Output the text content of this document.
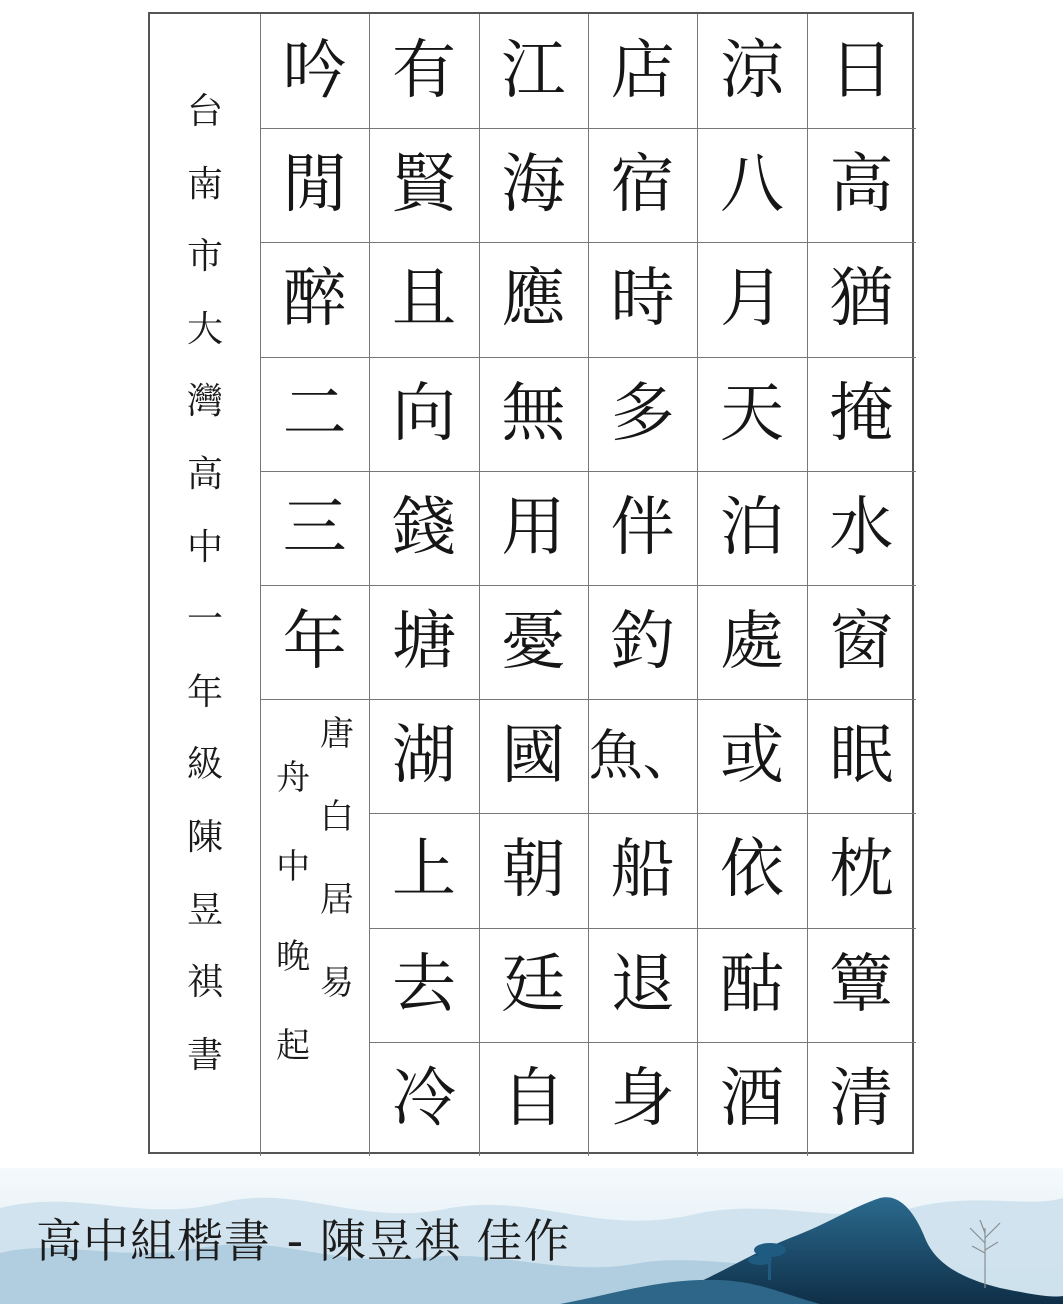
日
高
猶
掩
水
窗
眠
枕
簟
清
涼
八
月
天
泊
處
或
依
酤
酒
店
宿
時
多
伴
釣
魚、
船
退
身
江
海
應
無
用
憂
國
朝
廷
自
有
賢
且
向
錢
塘
湖
上
去
冷
吟
閒
醉
二
三
年
唐
白
居
易
舟
中
晚
起
台
南
市
大
灣
高
中
一
年
級
陳
昱
祺
書
高中組楷書 - 陳昱祺 佳作
